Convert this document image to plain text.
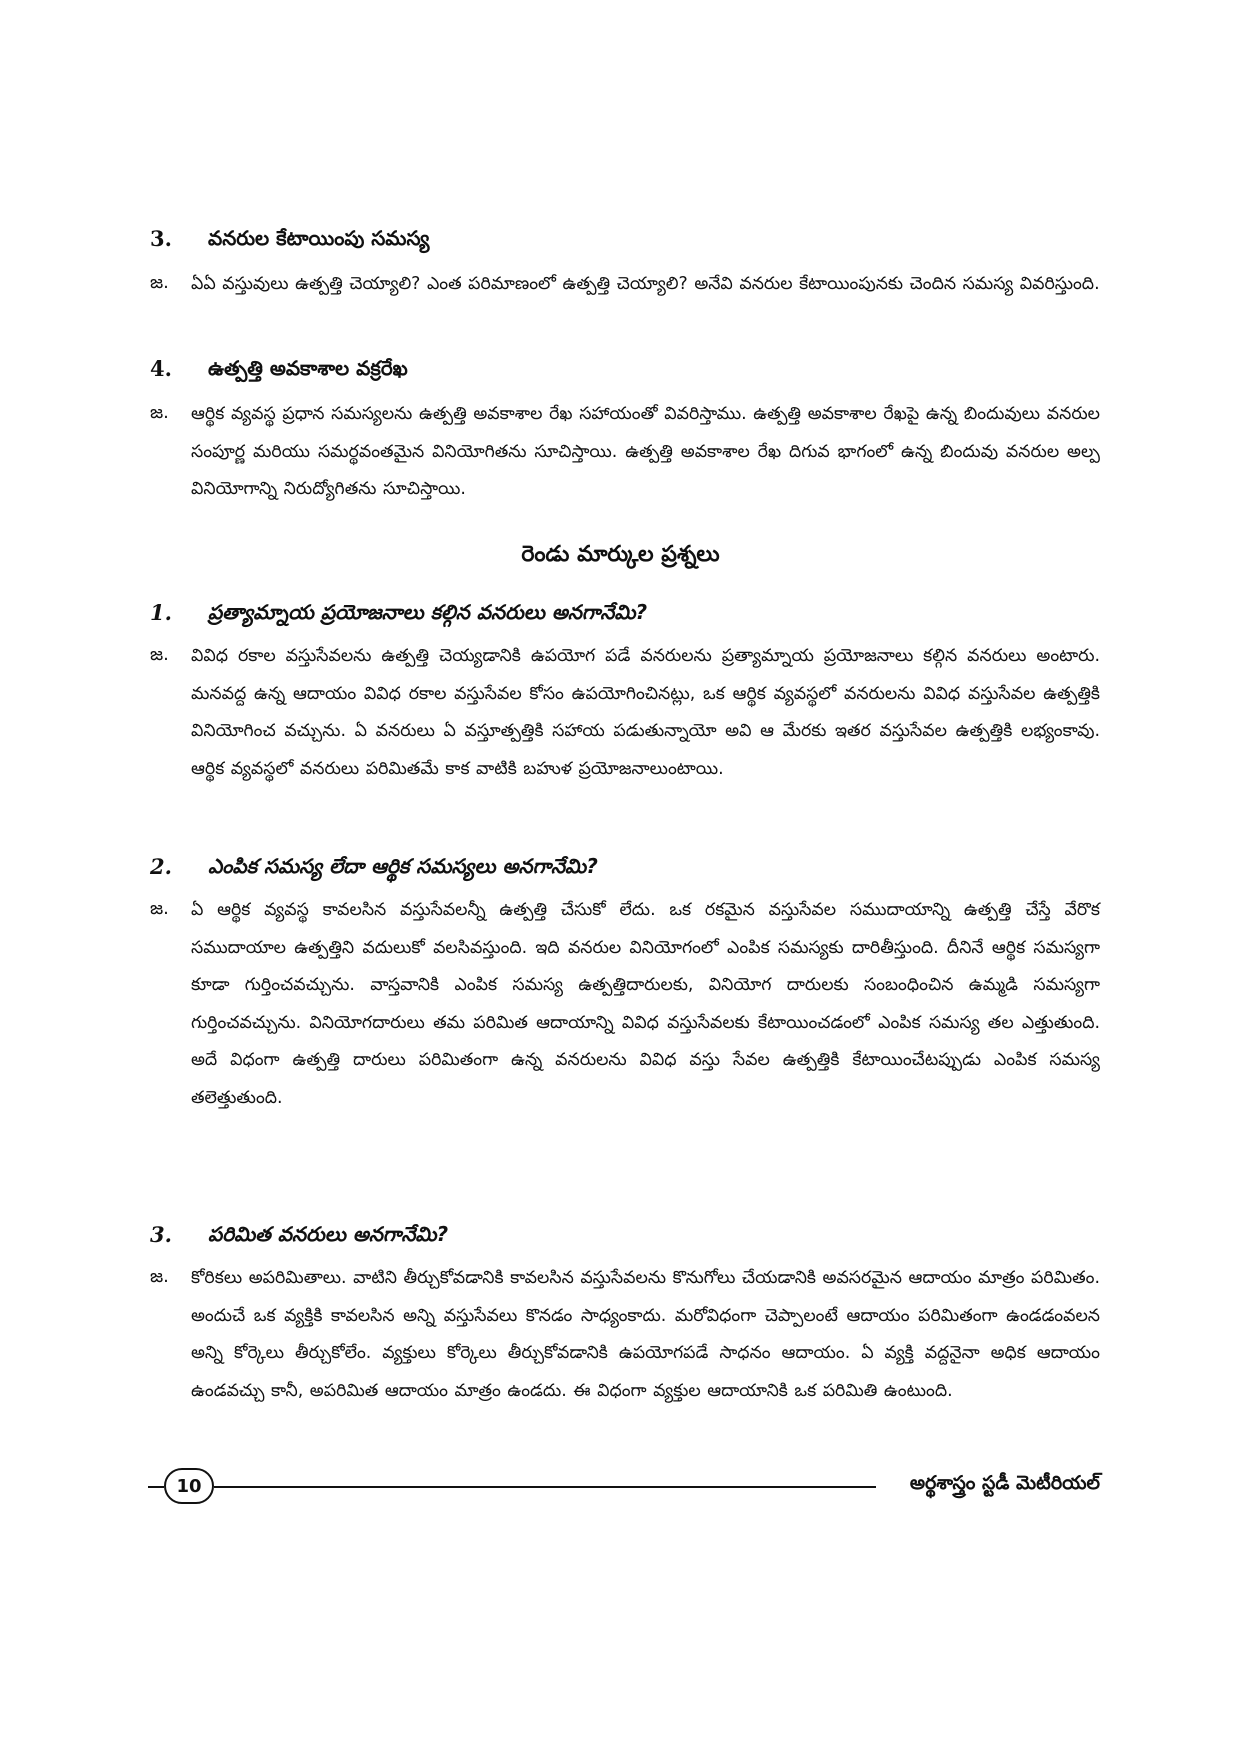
3.	వనరుల కేటాయింపు సమస్య
జ.	ఏఏ వస్తువులు ఉత్పత్తి చెయ్యాలి? ఎంత పరిమాణంలో ఉత్పత్తి చెయ్యాలి? అనేవి వనరుల కేటాయింపునకు చెందిన సమస్య వివరిస్తుంది.
4.	ఉత్పత్తి అవకాశాల వక్రరేఖ
జ.	ఆర్థిక వ్యవస్థ ప్రధాన సమస్యలను ఉత్పత్తి అవకాశాల రేఖ సహాయంతో వివరిస్తాము. ఉత్పత్తి అవకాశాల రేఖపై ఉన్న బిందువులు వనరుల సంపూర్ణ మరియు సమర్థవంతమైన వినియోగితను సూచిస్తాయి. ఉత్పత్తి అవకాశాల రేఖ దిగువ భాగంలో ఉన్న బిందువు వనరుల అల్ప వినియోగాన్ని నిరుద్యోగితను సూచిస్తాయి.
రెండు మార్కుల ప్రశ్నలు
1.	ప్రత్యామ్నాయ ప్రయోజనాలు కల్గిన వనరులు అనగానేమి?
జ.	వివిధ రకాల వస్తుసేవలను ఉత్పత్తి చెయ్యడానికి ఉపయోగ పడే వనరులను ప్రత్యామ్నాయ ప్రయోజనాలు కల్గిన వనరులు అంటారు. మనవద్ద ఉన్న ఆదాయం వివిధ రకాల వస్తుసేవల కోసం ఉపయోగించినట్లు, ఒక ఆర్థిక వ్యవస్థలో వనరులను వివిధ వస్తుసేవల ఉత్పత్తికి వినియోగించ వచ్చును. ఏ వనరులు ఏ వస్తూత్పత్తికి సహాయ పడుతున్నాయో అవి ఆ మేరకు ఇతర వస్తుసేవల ఉత్పత్తికి లభ్యంకావు. ఆర్థిక వ్యవస్థలో వనరులు పరిమితమే కాక వాటికి బహుళ ప్రయోజనాలుంటాయి.
2.	ఎంపిక సమస్య లేదా ఆర్థిక సమస్యలు అనగానేమి?
జ.	ఏ ఆర్థిక వ్యవస్థ కావలసిన వస్తుసేవలన్నీ ఉత్పత్తి చేసుకో లేదు. ఒక రకమైన వస్తుసేవల సముదాయాన్ని ఉత్పత్తి చేస్తే వేరొక సముదాయాల ఉత్పత్తిని వదులుకో వలసివస్తుంది. ఇది వనరుల వినియోగంలో ఎంపిక సమస్యకు దారితీస్తుంది. దీనినే ఆర్థిక సమస్యగా కూడా గుర్తించవచ్చును. వాస్తవానికి ఎంపిక సమస్య ఉత్పత్తిదారులకు, వినియోగ దారులకు సంబంధించిన ఉమ్మడి సమస్యగా గుర్తించవచ్చును. వినియోగదారులు తమ పరిమిత ఆదాయాన్ని వివిధ వస్తుసేవలకు కేటాయించడంలో ఎంపిక సమస్య తల ఎత్తుతుంది. అదే విధంగా ఉత్పత్తి దారులు పరిమితంగా ఉన్న వనరులను వివిధ వస్తు సేవల ఉత్పత్తికి కేటాయించేటప్పుడు ఎంపిక సమస్య తలెత్తుతుంది.
3.	పరిమిత వనరులు అనగానేమి?
జ.	కోరికలు అపరిమితాలు. వాటిని తీర్చుకోవడానికి కావలసిన వస్తుసేవలను కొనుగోలు చేయడానికి అవసరమైన ఆదాయం మాత్రం పరిమితం. అందుచే ఒక వ్యక్తికి కావలసిన అన్ని వస్తుసేవలు కొనడం సాధ్యంకాదు. మరోవిధంగా చెప్పాలంటే ఆదాయం పరిమితంగా ఉండడంవలన అన్ని కోర్కెలు తీర్చుకోలేం. వ్యక్తులు కోర్కెలు తీర్చుకోవడానికి ఉపయోగపడే సాధనం ఆదాయం. ఏ వ్యక్తి వద్దనైనా అధిక ఆదాయం ఉండవచ్చు కానీ, అపరిమిత ఆదాయం మాత్రం ఉండదు. ఈ విధంగా వ్యక్తుల ఆదాయానికి ఒక పరిమితి ఉంటుంది.
10	అర్థశాస్త్రం స్టడీ మెటీరియల్
